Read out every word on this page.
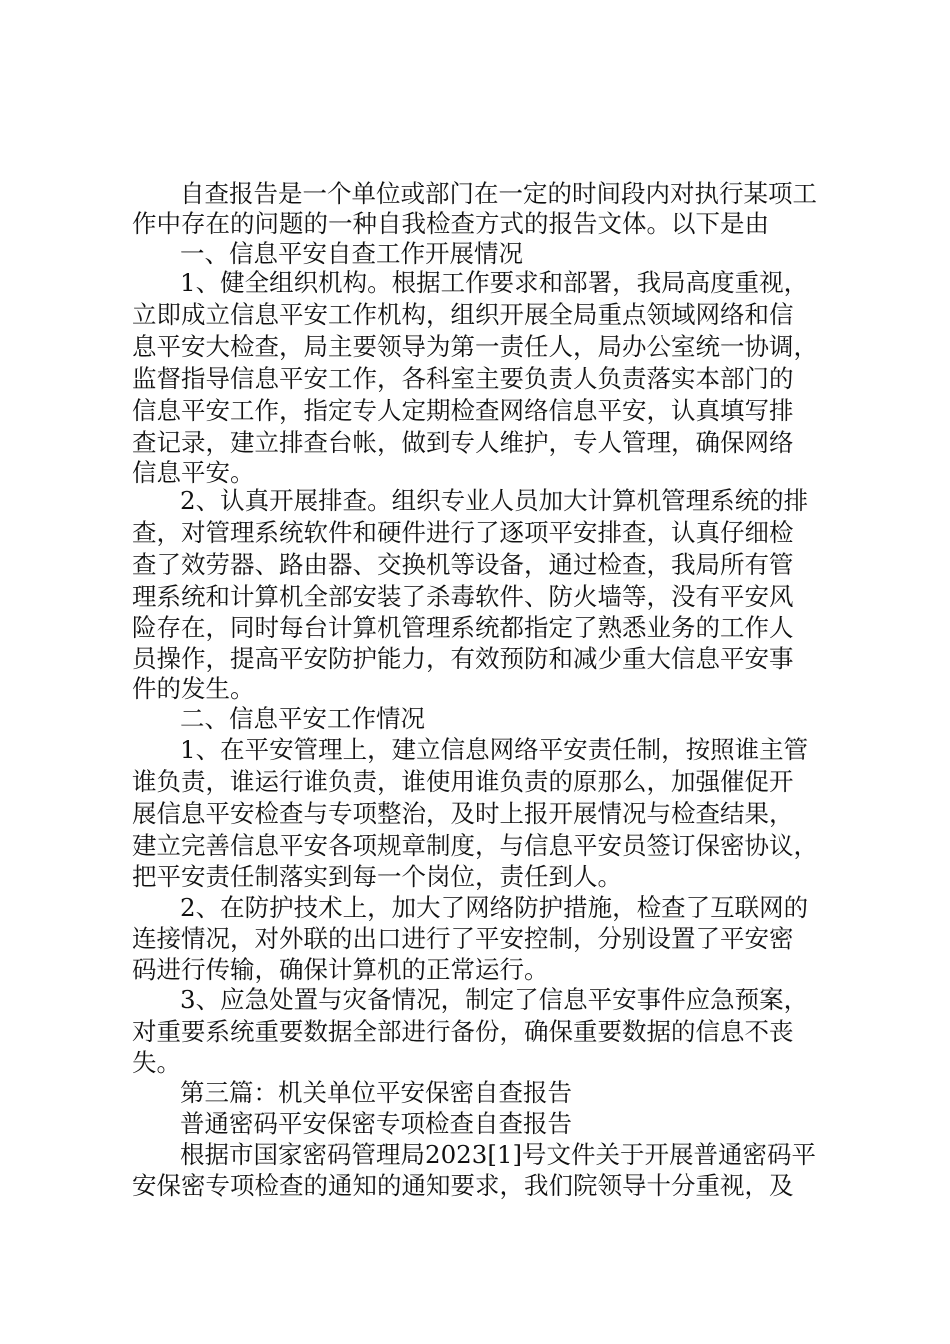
自查报告是一个单位或部门在一定的时间段内对执行某项工
作中存在的问题的一种自我检查方式的报告文体。以下是由
一、信息平安自查工作开展情况
1、健全组织机构。根据工作要求和部署，我局高度重视，
立即成立信息平安工作机构，组织开展全局重点领域网络和信
息平安大检查，局主要领导为第一责任人，局办公室统一协调，
监督指导信息平安工作，各科室主要负责人负责落实本部门的
信息平安工作，指定专人定期检查网络信息平安，认真填写排
查记录，建立排查台帐，做到专人维护，专人管理，确保网络
信息平安。
2、认真开展排查。组织专业人员加大计算机管理系统的排
查，对管理系统软件和硬件进行了逐项平安排查，认真仔细检
查了效劳器、路由器、交换机等设备，通过检查，我局所有管
理系统和计算机全部安装了杀毒软件、防火墙等，没有平安风
险存在，同时每台计算机管理系统都指定了熟悉业务的工作人
员操作，提高平安防护能力，有效预防和减少重大信息平安事
件的发生。
二、信息平安工作情况
1、在平安管理上，建立信息网络平安责任制，按照谁主管
谁负责，谁运行谁负责，谁使用谁负责的原那么，加强催促开
展信息平安检查与专项整治，及时上报开展情况与检查结果，
建立完善信息平安各项规章制度，与信息平安员签订保密协议，
把平安责任制落实到每一个岗位，责任到人。
2、在防护技术上，加大了网络防护措施，检查了互联网的
连接情况，对外联的出口进行了平安控制，分别设置了平安密
码进行传输，确保计算机的正常运行。
3、应急处置与灾备情况，制定了信息平安事件应急预案，
对重要系统重要数据全部进行备份，确保重要数据的信息不丧
失。
第三篇：机关单位平安保密自查报告
普通密码平安保密专项检查自查报告
根据市国家密码管理局2023[1]号文件关于开展普通密码平
安保密专项检查的通知的通知要求，我们院领导十分重视，及
